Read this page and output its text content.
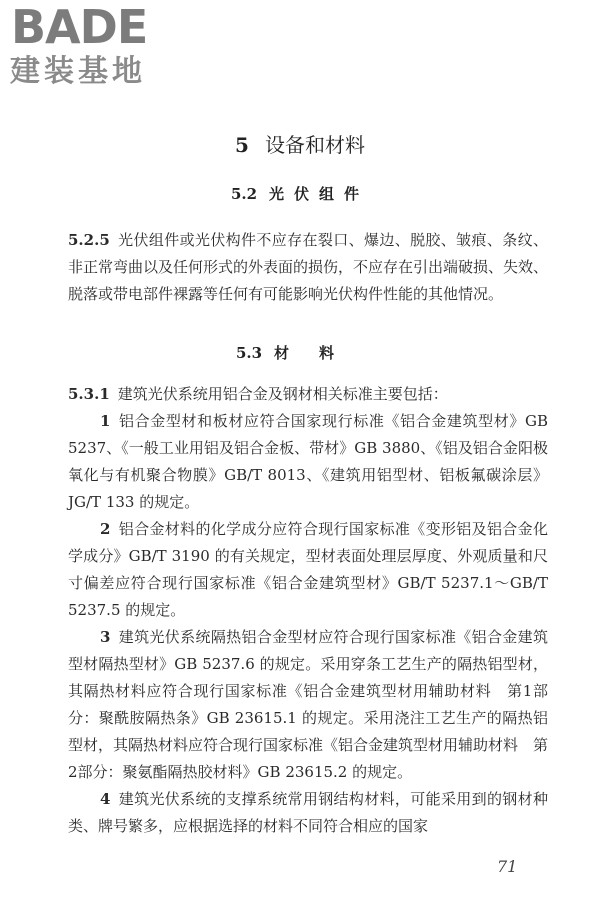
BADE
建装基地
5 设备和材料
5.2 光伏组件
5.2.5 光伏组件或光伏构件不应存在裂口、爆边、脱胶、皱痕、条纹、非正常弯曲以及任何形式的外表面的损伤，不应存在引出端破损、失效、脱落或带电部件裸露等任何有可能影响光伏构件性能的其他情况。
5.3 材料
5.3.1 建筑光伏系统用铝合金及钢材相关标准主要包括：
1 铝合金型材和板材应符合国家现行标准《铝合金建筑型材》GB 5237、《一般工业用铝及铝合金板、带材》GB 3880、《铝及铝合金阳极氧化与有机聚合物膜》GB/T 8013、《建筑用铝型材、铝板氟碳涂层》JG/T 133 的规定。
2 铝合金材料的化学成分应符合现行国家标准《变形铝及铝合金化学成分》GB/T 3190 的有关规定，型材表面处理层厚度、外观质量和尺寸偏差应符合现行国家标准《铝合金建筑型材》GB/T 5237.1～GB/T 5237.5 的规定。
3 建筑光伏系统隔热铝合金型材应符合现行国家标准《铝合金建筑型材隔热型材》GB 5237.6 的规定。采用穿条工艺生产的隔热铝型材，其隔热材料应符合现行国家标准《铝合金建筑型材用辅助材料　第1部分：聚酰胺隔热条》GB 23615.1 的规定。采用浇注工艺生产的隔热铝型材，其隔热材料应符合现行国家标准《铝合金建筑型材用辅助材料　第2部分：聚氨酯隔热胶材料》GB 23615.2 的规定。
4 建筑光伏系统的支撑系统常用钢结构材料，可能采用到的钢材种类、牌号繁多，应根据选择的材料不同符合相应的国家
71
